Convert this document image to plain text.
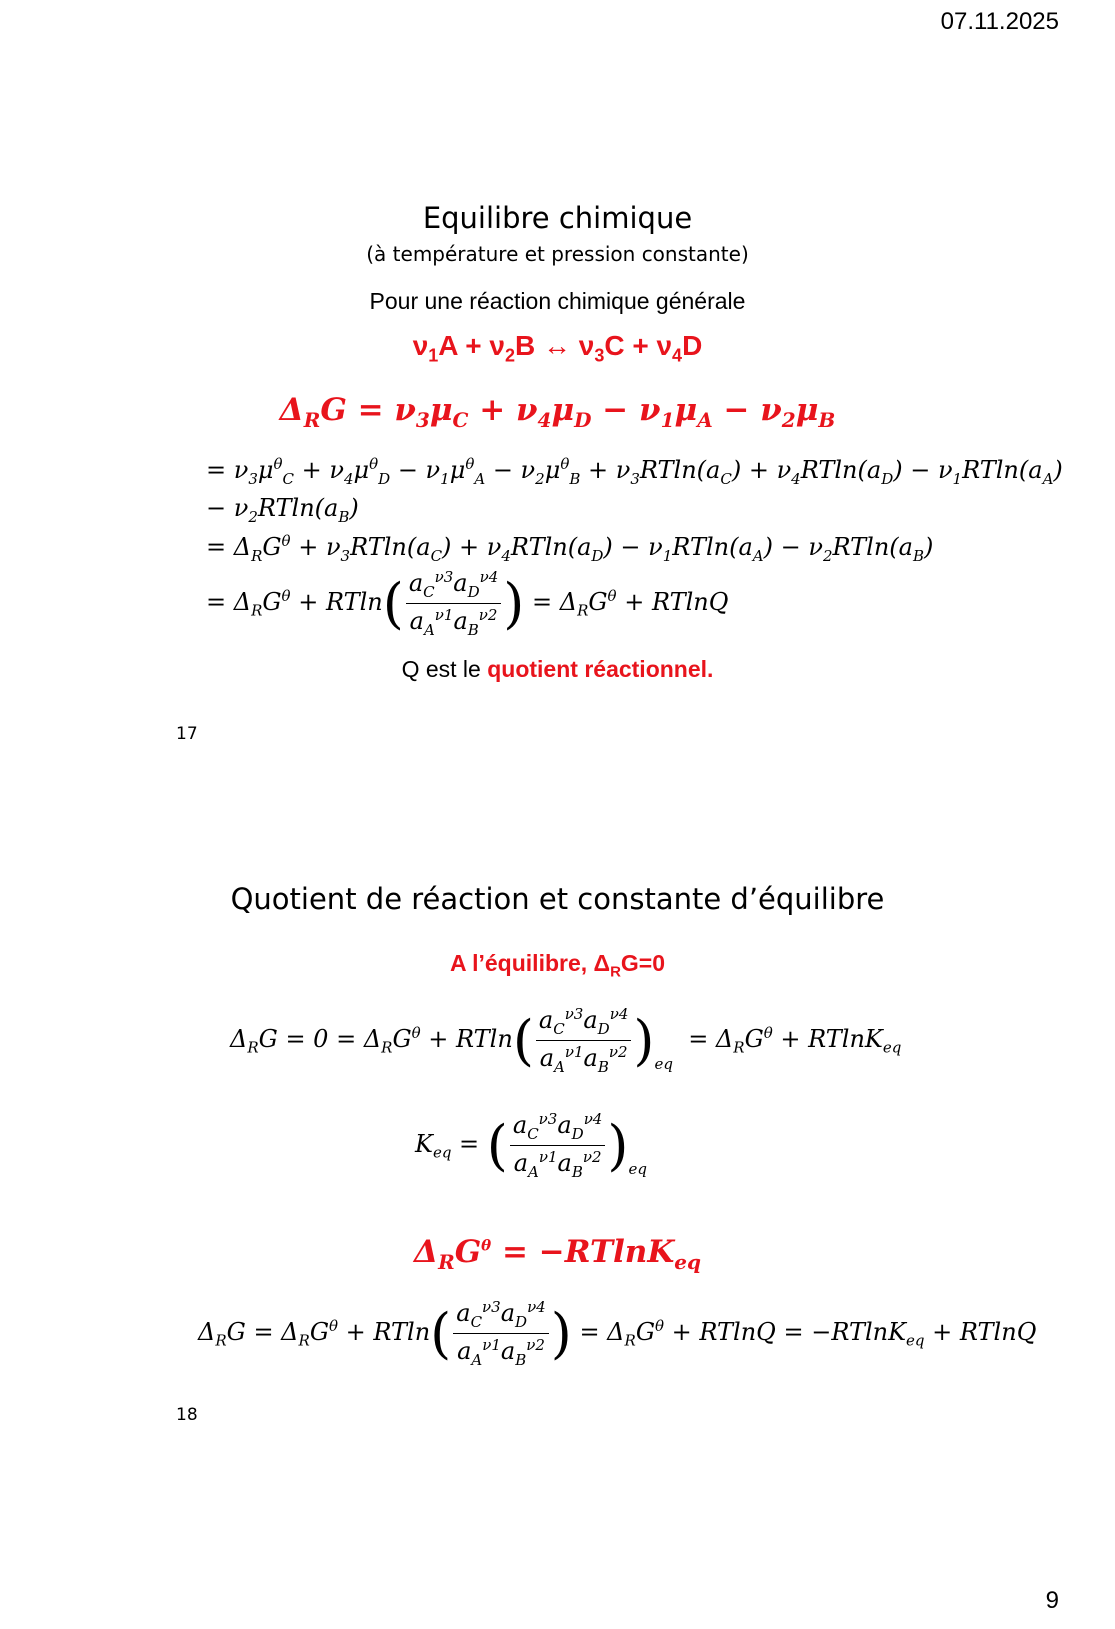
07.11.2025
Equilibre chimique
(à température et pression constante)
Pour une réaction chimique générale
$\nu_1A + \nu_2B$ ↔ $\nu_3C + \nu_4D$
$\Delta_RG = \nu_3\mu_C + \nu_4\mu_D - \nu_1\mu_A - \nu_2\mu_B$
= $\nu_3\mu^\theta_C + \nu_4\mu^\theta_D - \nu_1\mu^\theta_A - \nu_2\mu^\theta_B + \nu_3RTln(a_C) + \nu_4RTln(a_D) - \nu_1RTln(a_A)$
− $\nu_2RTln(a_B)$
= $\Delta_RG^\theta + \nu_3RTln(a_C) + \nu_4RTln(a_D) - \nu_1RTln(a_A) - \nu_2RTln(a_B)$
= $\Delta_RG^\theta + RTln( \frac{a_C^{\nu 3}a_D^{\nu 4}}{a_A^{\nu 1}a_B^{\nu 2}}$ ) = $\Delta_RG^\theta + RTlnQ$
Q est le quotient réactionnel.
17
Quotient de réaction et constante d’équilibre
A l’équilibre, $\Delta_RG=0$
$\Delta_RG = 0 = \Delta_RG^\theta + RTln( \frac{a_C^{\nu 3}a_D^{\nu 4}}{a_A^{\nu 1}a_B^{\nu 2}} )_{eq} = \Delta_RG^\theta + RTlnK_{eq}$
$K_{eq}$ = ( $\frac{a_C^{\nu 3}a_D^{\nu 4}}{a_A^{\nu 1}a_B^{\nu 2}} )_{eq}$
$\Delta_RG^\theta = -RTlnK_{eq}$
$\Delta_RG = \Delta_RG^\theta + RTln( \frac{a_C^{\nu 3}a_D^{\nu 4}}{a_A^{\nu 1}a_B^{\nu 2}}$ ) = $\Delta_RG^\theta + RTlnQ = -RTlnK_{eq} + RTlnQ$
18
9
